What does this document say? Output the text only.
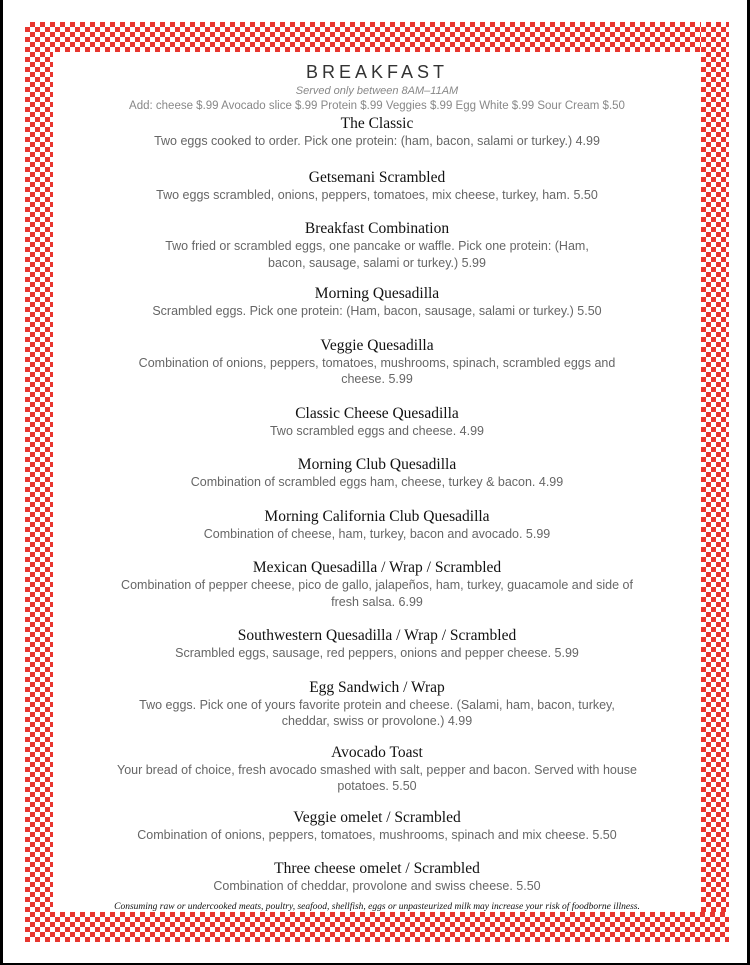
BREAKFAST
Served only between 8AM–11AM
Add: cheese $.99 Avocado slice $.99 Protein $.99 Veggies $.99 Egg White $.99 Sour Cream $.50
The Classic
Two eggs cooked to order. Pick one protein: (ham, bacon, salami or turkey.) 4.99
Getsemani Scrambled
Two eggs scrambled, onions, peppers, tomatoes, mix cheese, turkey, ham. 5.50
Breakfast Combination
Two fried or scrambled eggs, one pancake or waffle. Pick one protein: (Ham, bacon, sausage, salami or turkey.) 5.99
Morning Quesadilla
Scrambled eggs. Pick one protein: (Ham, bacon, sausage, salami or turkey.) 5.50
Veggie Quesadilla
Combination of onions, peppers, tomatoes, mushrooms, spinach, scrambled eggs and cheese. 5.99
Classic Cheese Quesadilla
Two scrambled eggs and cheese. 4.99
Morning Club Quesadilla
Combination of scrambled eggs ham, cheese, turkey & bacon. 4.99
Morning California Club Quesadilla
Combination of cheese, ham, turkey, bacon and avocado. 5.99
Mexican Quesadilla / Wrap / Scrambled
Combination of pepper cheese, pico de gallo, jalapeños, ham, turkey, guacamole and side of fresh salsa. 6.99
Southwestern Quesadilla / Wrap / Scrambled
Scrambled eggs, sausage, red peppers, onions and pepper cheese. 5.99
Egg Sandwich / Wrap
Two eggs. Pick one of yours favorite protein and cheese. (Salami, ham, bacon, turkey, cheddar, swiss or provolone.) 4.99
Avocado Toast
Your bread of choice, fresh avocado smashed with salt, pepper and bacon. Served with house potatoes. 5.50
Veggie omelet / Scrambled
Combination of onions, peppers, tomatoes, mushrooms, spinach and mix cheese. 5.50
Three cheese omelet / Scrambled
Combination of cheddar, provolone and swiss cheese. 5.50
Consuming raw or undercooked meats, poultry, seafood, shellfish, eggs or unpasteurized milk may increase your risk of foodborne illness.
